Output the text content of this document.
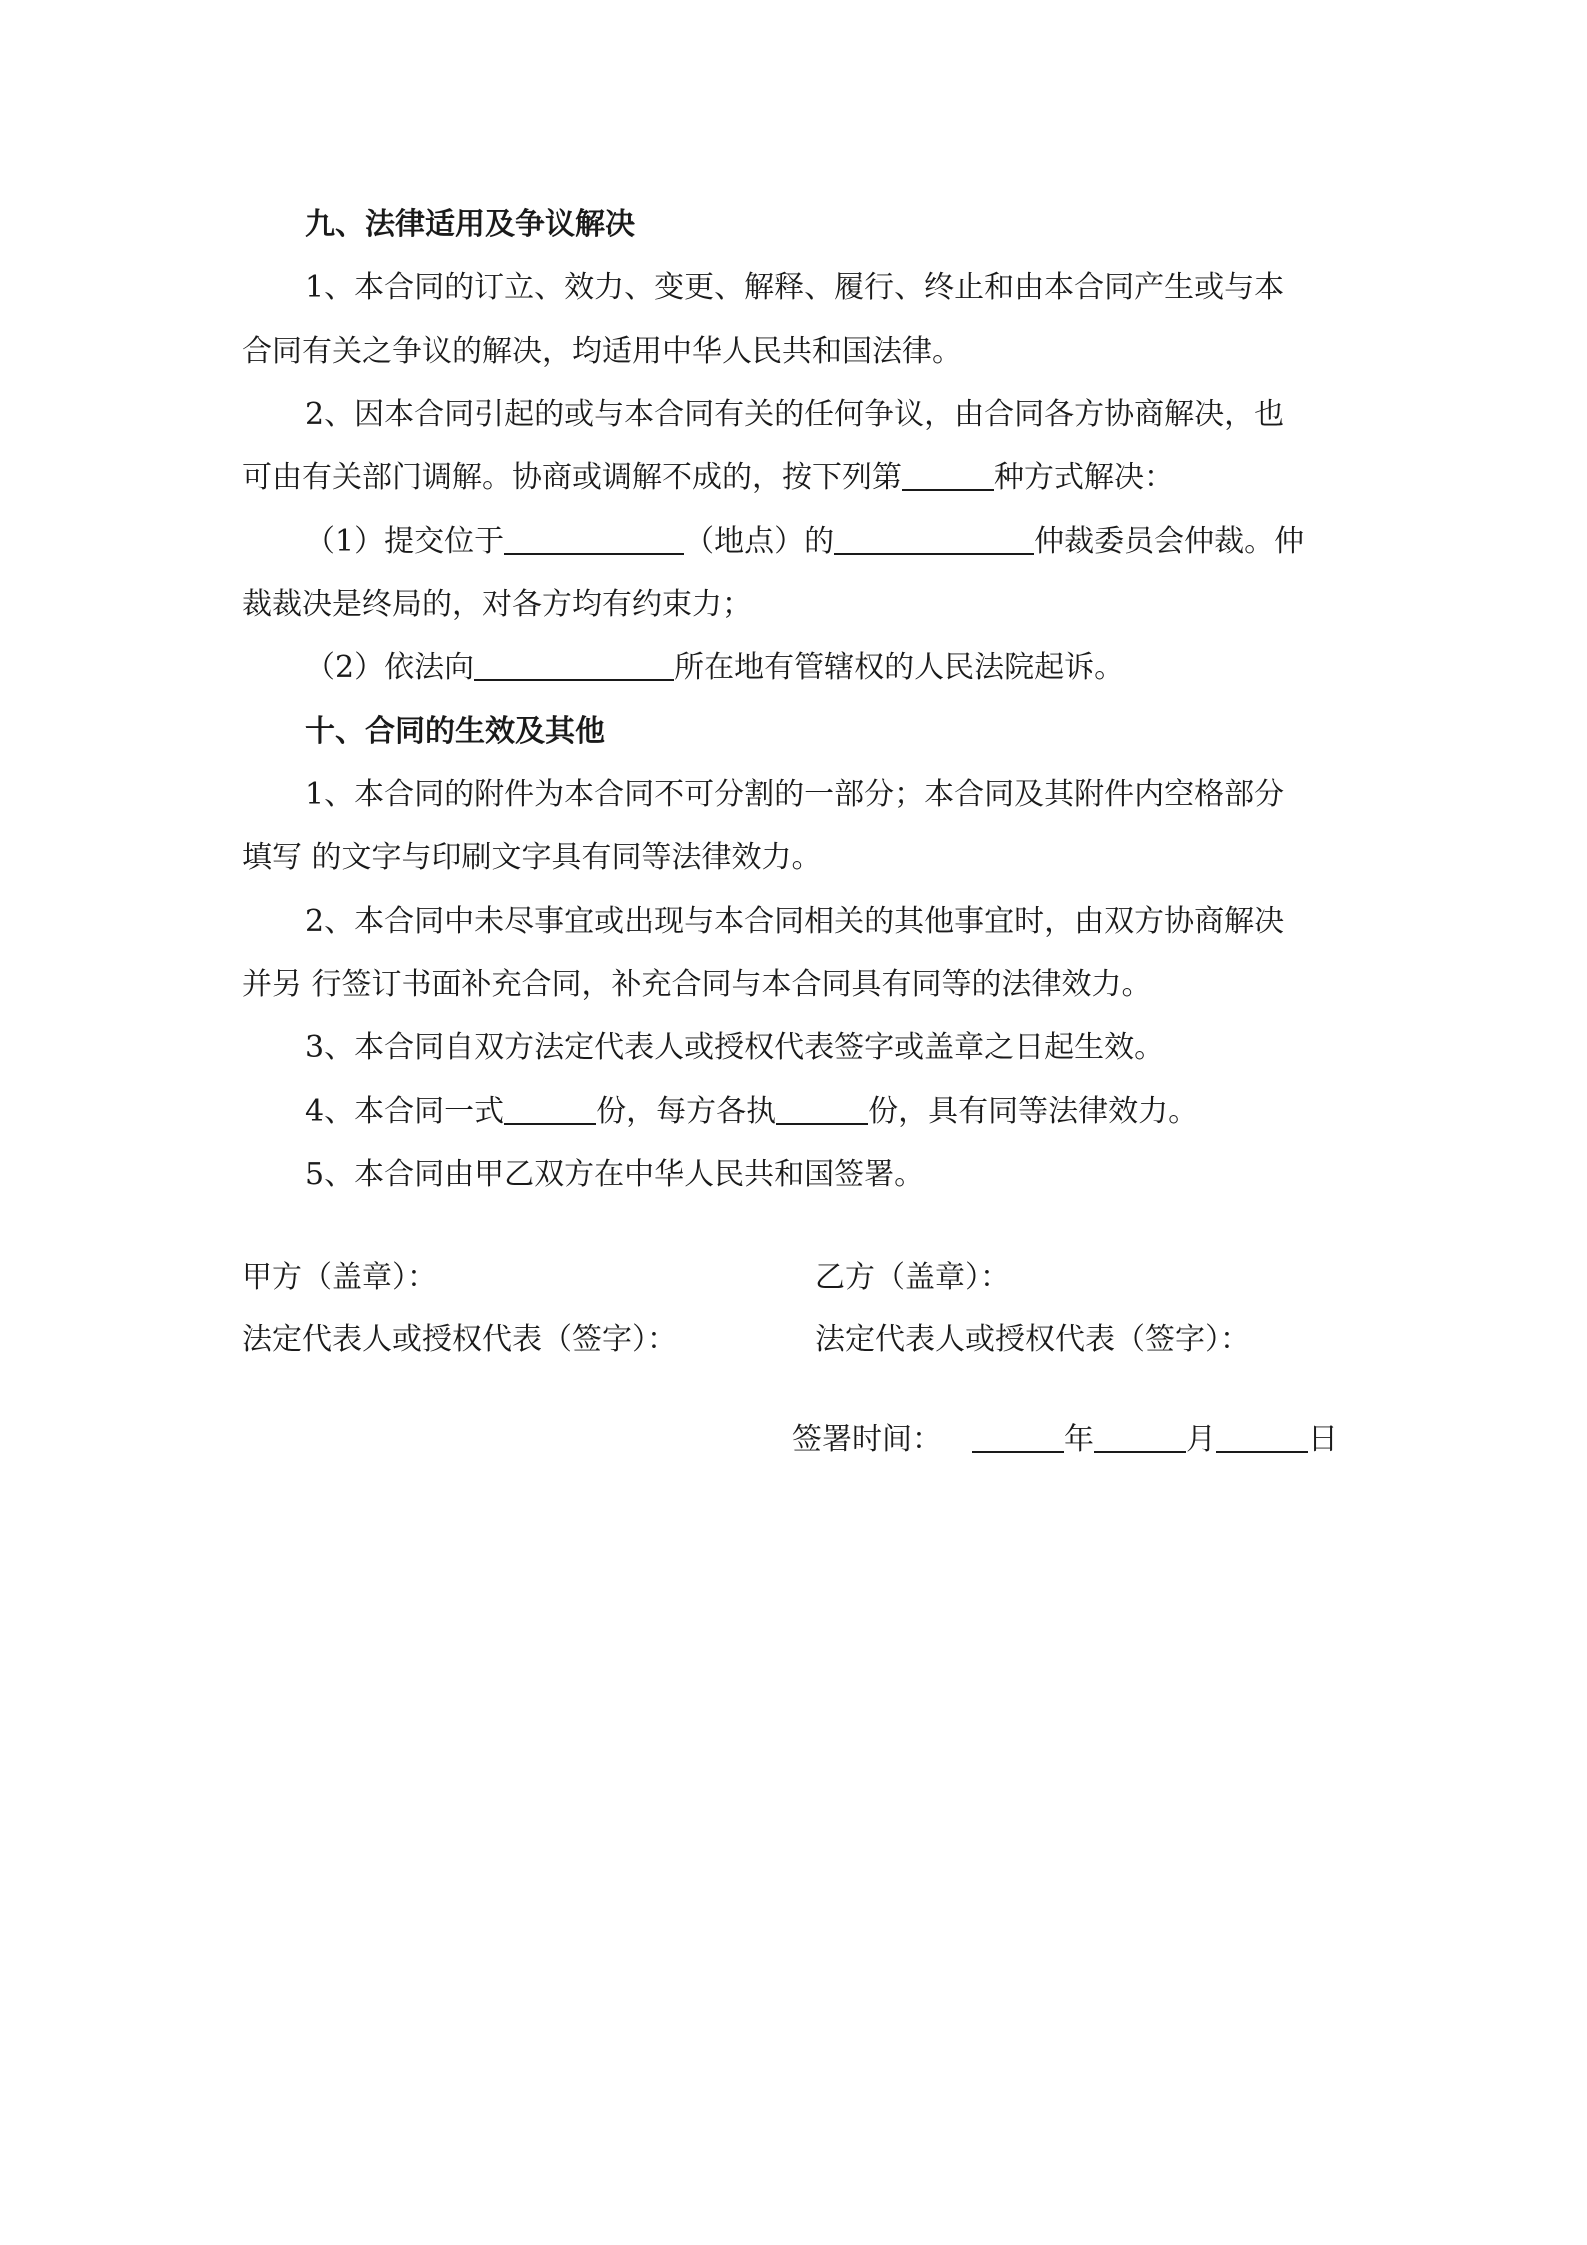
九、法律适用及争议解决
1、本合同的订立、效力、变更、解释、履行、终止和由本合同产生或与本
合同有关之争议的解决，均适用中华人民共和国法律。
2、因本合同引起的或与本合同有关的任何争议，由合同各方协商解决，也
可由有关部门调解。协商或调解不成的，按下列第	种方式解决：
（1）提交位于	（地点）的	仲裁委员会仲裁。仲
裁裁决是终局的，对各方均有约束力；
（2）依法向	所在地有管辖权的人民法院起诉。
十、合同的生效及其他
1、本合同的附件为本合同不可分割的一部分；本合同及其附件内空格部分
填写 的文字与印刷文字具有同等法律效力。
2、本合同中未尽事宜或出现与本合同相关的其他事宜时，由双方协商解决
并另 行签订书面补充合同，补充合同与本合同具有同等的法律效力。
3、本合同自双方法定代表人或授权代表签字或盖章之日起生效。
4、本合同一式	份，每方各执	份，具有同等法律效力。
5、本合同由甲乙双方在中华人民共和国签署。
甲方（盖章）：	乙方（盖章）：
法定代表人或授权代表（签字）：	法定代表人或授权代表（签字）：
签署时间：	年	月	日
